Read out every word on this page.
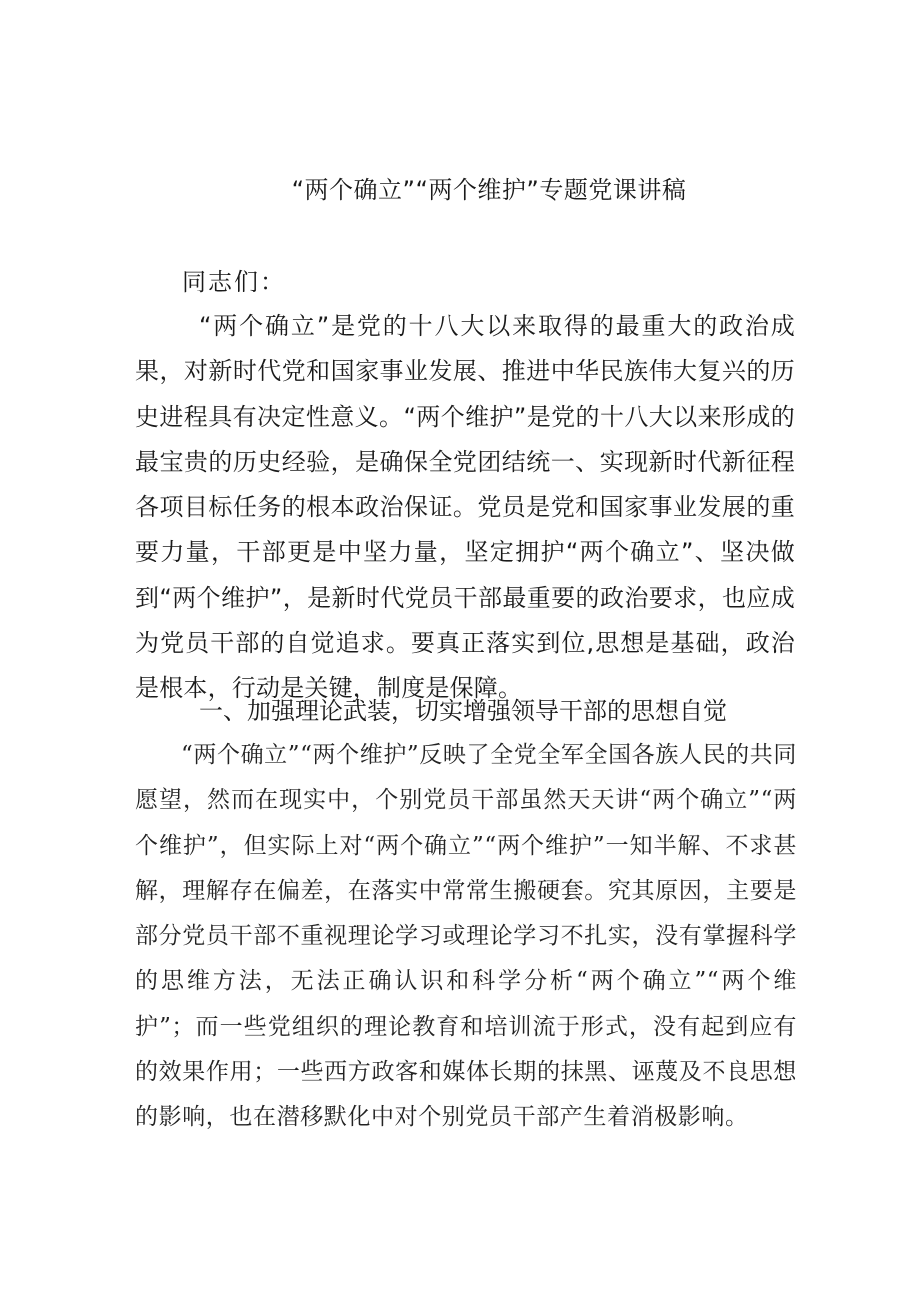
“两个确立”“两个维护”专题党课讲稿
同志们：

“两个确立”是党的十八大以来取得的最重大的政治成果，对新时代党和国家事业发展、推进中华民族伟大复兴的历史进程具有决定性意义。“两个维护”是党的十八大以来形成的最宝贵的历史经验，是确保全党团结统一、实现新时代新征程各项目标任务的根本政治保证。党员是党和国家事业发展的重要力量，干部更是中坚力量，坚定拥护“两个确立”、坚决做到“两个维护”，是新时代党员干部最重要的政治要求，也应成为党员干部的自觉追求。要真正落实到位,思想是基础，政治是根本，行动是关键，制度是保障。

一、加强理论武装，切实增强领导干部的思想自觉

“两个确立”“两个维护”反映了全党全军全国各族人民的共同愿望，然而在现实中，个别党员干部虽然天天讲“两个确立”“两个维护”，但实际上对“两个确立”“两个维护”一知半解、不求甚解，理解存在偏差，在落实中常常生搬硬套。究其原因，主要是部分党员干部不重视理论学习或理论学习不扎实，没有掌握科学的思维方法，无法正确认识和科学分析“两个确立”“两个维护”；而一些党组织的理论教育和培训流于形式，没有起到应有的效果作用；一些西方政客和媒体长期的抹黑、诬蔑及不良思想的影响，也在潜移默化中对个别党员干部产生着消极影响。
